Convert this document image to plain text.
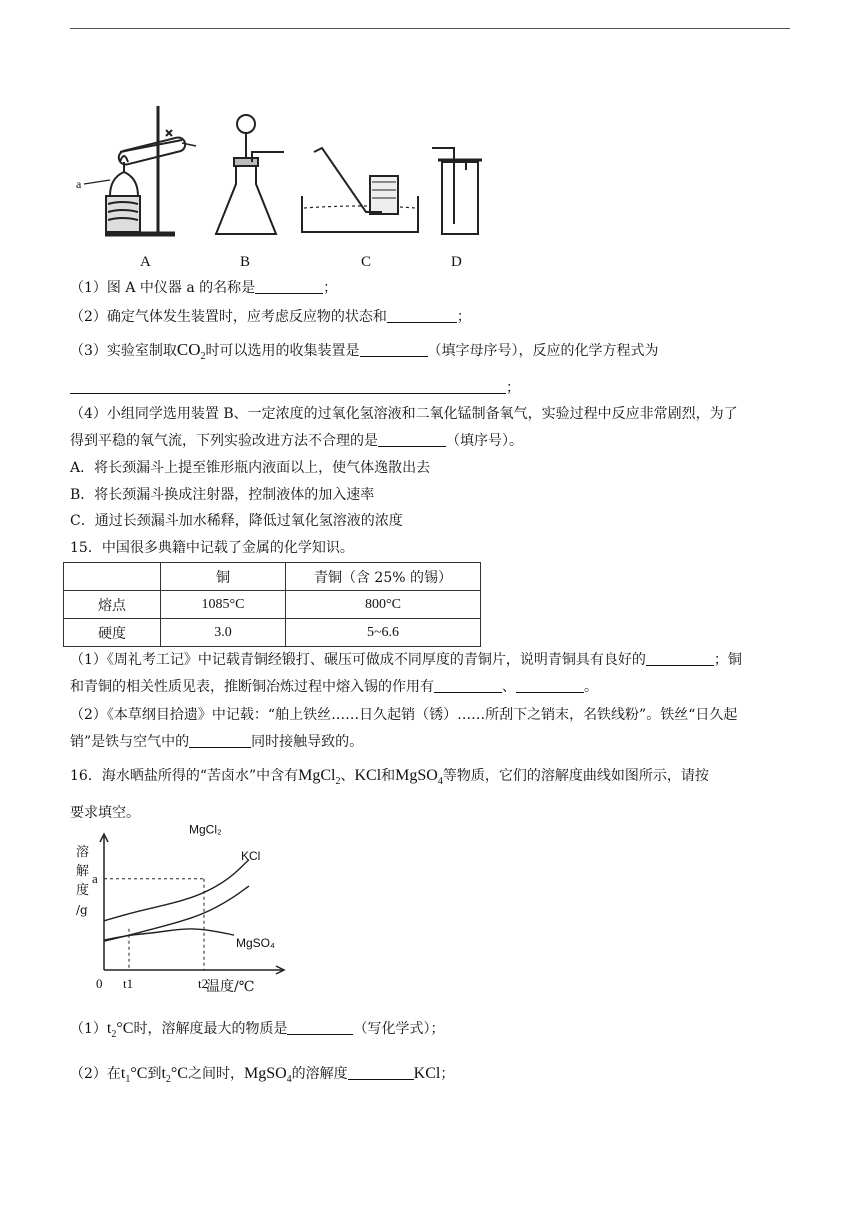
A	B	C	D
a
（1）图 A 中仪器 a 的名称是	；
（2）确定气体发生装置时，应考虑反应物的状态和	；
（3）实验室制取$CO_2$时可以选用的收集装置是	（填字母序号），反应的化学方程式为
；
（4）小组同学选用装置 B、一定浓度的过氧化氢溶液和二氧化锰制备氧气，实验过程中反应非常剧烈，为了
得到平稳的氧气流，下列实验改进方法不合理的是	（填序号）。
A．将长颈漏斗上提至锥形瓶内液面以上，使气体逸散出去
B．将长颈漏斗换成注射器，控制液体的加入速率
C．通过长颈漏斗加水稀释，降低过氧化氢溶液的浓度
15．中国很多典籍中记载了金属的化学知识。
	铜	青铜（含 25% 的锡）
熔点	1085°C	800°C
硬度	3.0	5~6.6
（1）《周礼考工记》中记载青铜经锻打、碾压可做成不同厚度的青铜片，说明青铜具有良好的	；铜
和青铜的相关性质见表，推断铜冶炼过程中熔入锡的作用有	、	。
（2）《本草纲目拾遗》中记载：“舶上铁丝……日久起销（锈）……所刮下之销末，名铁线粉”。铁丝“日久起
销”是铁与空气中的	同时接触导致的。
16．海水晒盐所得的“苦卤水”中含有MgCl$_2$、KCl和MgSO$_4$等物质，它们的溶解度曲线如图所示，请按
要求填空。
溶
解
度
/g
温度/℃
MgCl₂
KCl
MgSO₄
0 t1	t2
a
$(1)t_2^\circ C$时，溶解度最大的物质是	（写化学式）；
（2）在$t_1^\circ C$到$t_2^\circ C$之间时，MgSO$_4$的溶解度	KCl；
